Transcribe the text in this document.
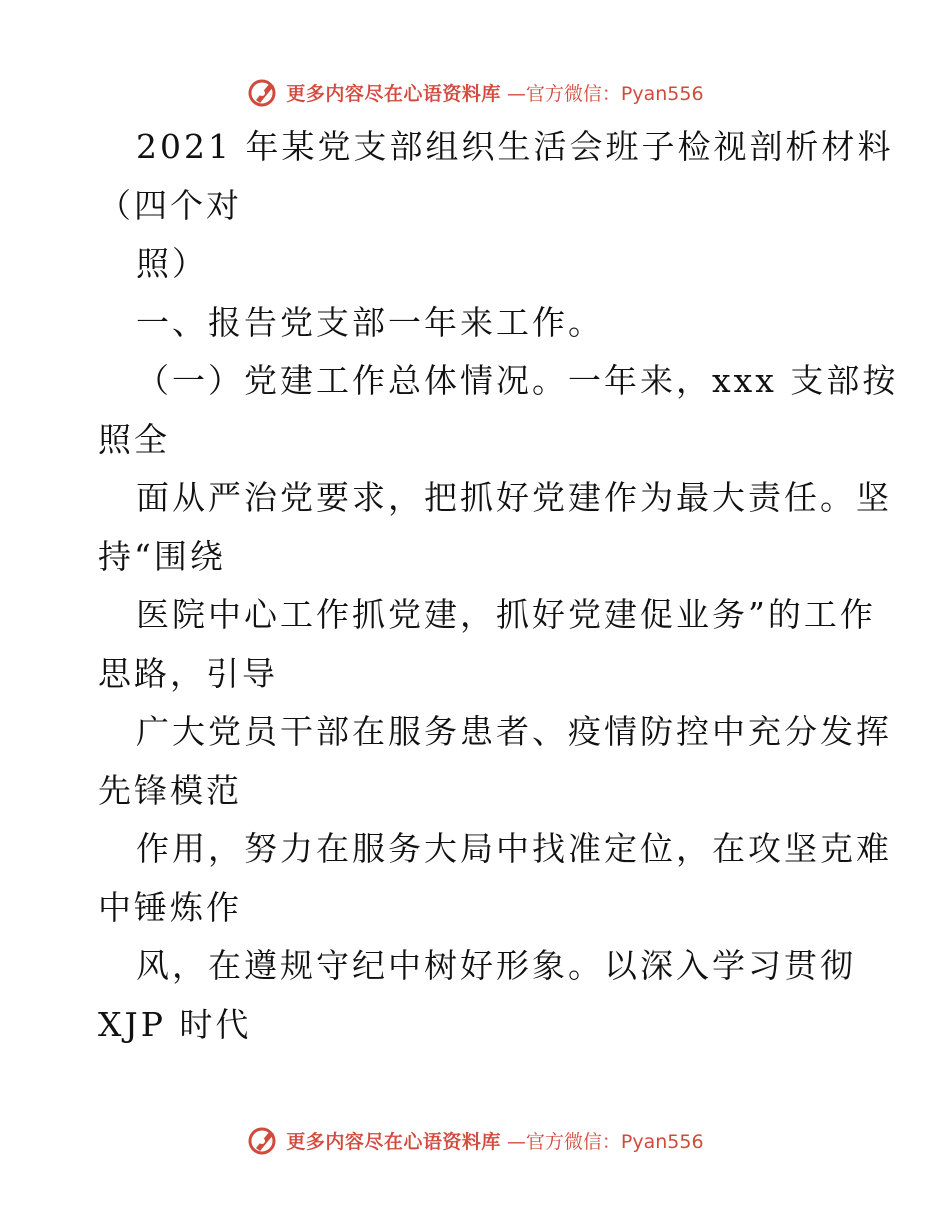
更多内容尽在心语资料库 —官方微信：Pyan556
2021 年某党支部组织生活会班子检视剖析材料
（四个对
照）
一、报告党支部一年来工作。
（一）党建工作总体情况。一年来，xxx 支部按
照全
面从严治党要求，把抓好党建作为最大责任。坚
持“围绕
医院中心工作抓党建，抓好党建促业务”的工作
思路，引导
广大党员干部在服务患者、疫情防控中充分发挥
先锋模范
作用，努力在服务大局中找准定位，在攻坚克难
中锤炼作
风，在遵规守纪中树好形象。以深入学习贯彻
XJP 时代
更多内容尽在心语资料库 —官方微信：Pyan556
